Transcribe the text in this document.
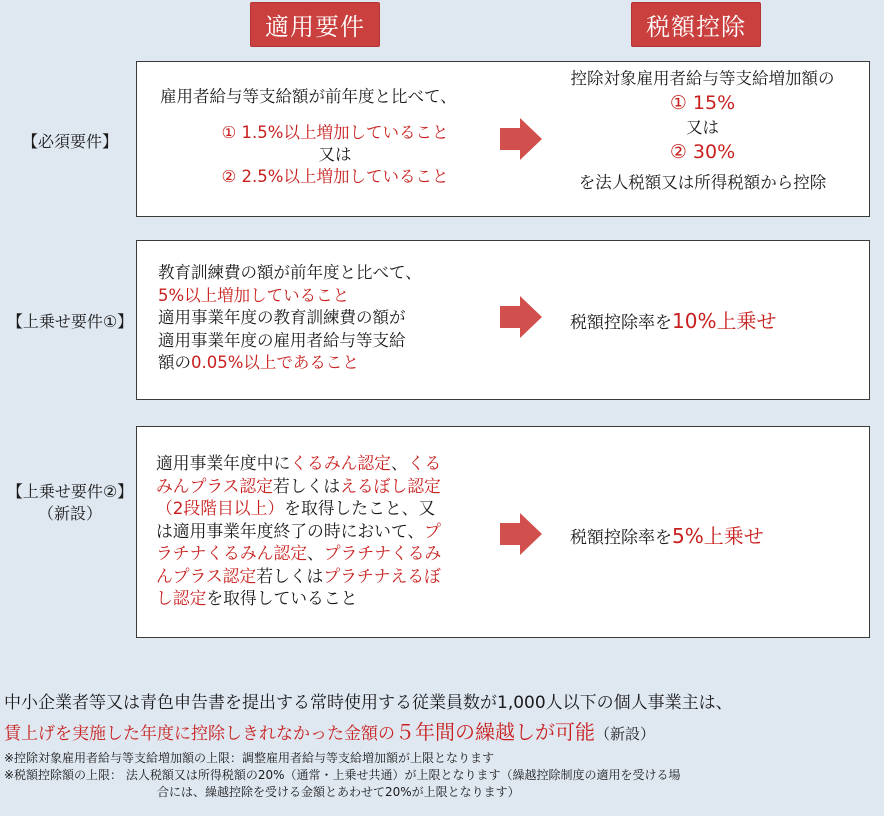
適用要件	税額控除
【必須要件】
雇用者給与等支給額が前年度と比べて、
① 1.5%以上増加していること
又は
② 2.5%以上増加していること
控除対象雇用者給与等支給増加額の
① 15%
又は
② 30%
を法人税額又は所得税額から控除
【上乗せ要件①】
教育訓練費の額が前年度と比べて、
5%以上増加していること
適用事業年度の教育訓練費の額が
適用事業年度の雇用者給与等支給
額の0.05%以上であること
税額控除率を10%上乗せ
【上乗せ要件②】
（新設）
適用事業年度中にくるみん認定、くる
みんプラス認定若しくはえるぼし認定
（2段階目以上）を取得したこと、又
は適用事業年度終了の時において、プ
ラチナくるみん認定、プラチナくるみ
んプラス認定若しくはプラチナえるぼ
し認定を取得していること
税額控除率を5%上乗せ
中小企業者等又は青色申告書を提出する常時使用する従業員数が1,000人以下の個人事業主は、
賃上げを実施した年度に控除しきれなかった金額の５年間の繰越しが可能（新設）
※控除対象雇用者給与等支給増加額の上限：調整雇用者給与等支給増加額が上限となります
※税額控除額の上限： 法人税額又は所得税額の20%（通常・上乗せ共通）が上限となります（繰越控除制度の適用を受ける場
合には、繰越控除を受ける金額とあわせて20%が上限となります）
